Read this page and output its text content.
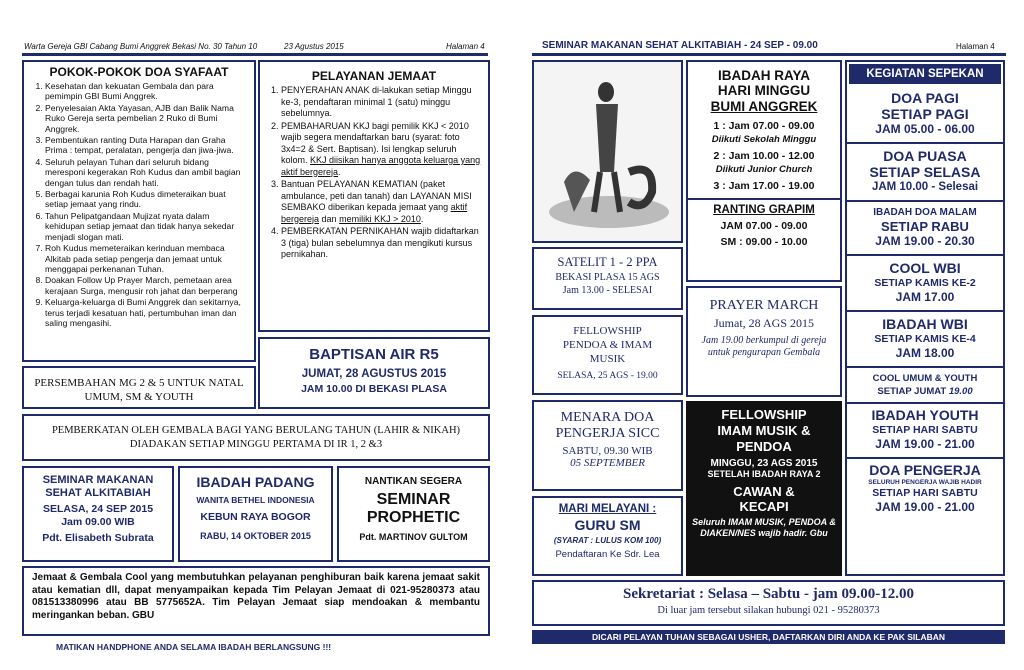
Warta Gereja GBI Cabang Bumi Anggrek Bekasi No. 30 Tahun 10	23 Agustus 2015	Halaman 4
POKOK-POKOK DOA SYAFAAT
1. Kesehatan dan kekuatan Gembala dan para pemimpin GBI Bumi Anggrek.
2. Penyelesaian Akta Yayasan, AJB dan Balik Nama Ruko Gereja serta pembelian 2 Ruko di Bumi Anggrek.
3. Pembentukan ranting Duta Harapan dan Graha Prima : tempat, peralatan, pengerja dan jiwa-jiwa.
4. Seluruh pelayan Tuhan dari seluruh bidang meresponi kegerakan Roh Kudus dan ambil bagian dengan tulus dan rendah hati.
5. Berbagai karunia Roh Kudus dimeteraikan buat setiap jemaat yang rindu.
6. Tahun Pelipatgandaan Mujizat nyata dalam kehidupan setiap jemaat dan tidak hanya sekedar menjadi slogan mati.
7. Roh Kudus memeteraikan kerinduan membaca Alkitab pada setiap pengerja dan jemaat untuk menggapai perkenanan Tuhan.
8. Doakan Follow Up Prayer March, pemetaan area kerajaan Surga, mengusir roh jahat dan berperang
9. Keluarga-keluarga di Bumi Anggrek dan sekitarnya, terus terjadi kesatuan hati, pertumbuhan iman dan saling mengasihi.
PELAYANAN JEMAAT
1. PENYERAHAN ANAK di-lakukan setiap Minggu ke-3, pendaftaran minimal 1 (satu) minggu sebelumnya.
2. PEMBAHARUAN KKJ bagi pemilik KKJ < 2010 wajib segera mendaftarkan baru (syarat: foto 3x4=2 & Sert. Baptisan). Isi lengkap seluruh kolom. KKJ diisikan hanya anggota keluarga yang aktif bergereja.
3. Bantuan PELAYANAN KEMATIAN (paket ambulance, peti dan tanah) dan LAYANAN MISI SEMBAKO diberikan kepada jemaat yang aktif bergereja dan memiliki KKJ > 2010.
4. PEMBERKATAN PERNIKAHAN wajib didaftarkan 3 (tiga) bulan sebelumnya dan mengikuti kursus pernikahan.
PERSEMBAHAN MG 2 & 5 UNTUK NATAL UMUM, SM & YOUTH
BAPTISAN AIR R5
JUMAT, 28 AGUSTUS 2015
JAM 10.00 DI BEKASI PLASA
PEMBERKATAN OLEH GEMBALA BAGI YANG BERULANG TAHUN (LAHIR & NIKAH) DIADAKAN SETIAP MINGGU PERTAMA DI IR 1, 2 &3
SEMINAR MAKANAN
SEHAT ALKITABIAH
SELASA, 24 SEP 2015
Jam 09.00 WIB
Pdt. Elisabeth Subrata
IBADAH PADANG
WANITA BETHEL INDONESIA
KEBUN RAYA BOGOR
RABU, 14 OKTOBER 2015
NANTIKAN SEGERA
SEMINAR
PROPHETIC
Pdt. MARTINOV GULTOM
Jemaat & Gembala Cool yang membutuhkan pelayanan penghiburan baik karena jemaat sakit atau kematian dll, dapat menyampaikan kepada Tim Pelayan Jemaat di 021-95280373 atau 081513380996 atau BB 5775652A. Tim Pelayan Jemaat siap mendoakan & membantu meringankan beban. GBU
MATIKAN HANDPHONE ANDA SELAMA IBADAH BERLANGSUNG !!!
SEMINAR MAKANAN SEHAT ALKITABIAH - 24 SEP - 09.00	Halaman 4
IBADAH RAYA
HARI MINGGU
BUMI ANGGREK
1 : Jam 07.00 - 09.00
Diikuti Sekolah Minggu
2 : Jam 10.00 - 12.00
Diikuti Junior Church
3 : Jam 17.00 - 19.00
RANTING GRAPIM
JAM 07.00 - 09.00
SM : 09.00 - 10.00
SATELIT 1 - 2 PPA
BEKASI PLASA 15 AGS
Jam 13.00 - SELESAI
FELLOWSHIP
PENDOA & IMAM
MUSIK
SELASA, 25 AGS - 19.00
PRAYER MARCH
Jumat, 28 AGS 2015
Jam 19.00 berkumpul di gereja untuk pengurapan Gembala
MENARA DOA
PENGERJA SICC
SABTU, 09.30 WIB
05 SEPTEMBER
FELLOWSHIP
IMAM MUSIK &
PENDOA
MINGGU, 23 AGS 2015
SETELAH IBADAH RAYA 2
CAWAN &
KECAPI
Seluruh IMAM MUSIK, PENDOA & DIAKEN/NES wajib hadir. Gbu
MARI MELAYANI :
GURU SM
(SYARAT : LULUS KOM 100)
Pendaftaran Ke Sdr. Lea
KEGIATAN SEPEKAN
DOA PAGI
SETIAP PAGI
JAM 05.00 - 06.00
DOA PUASA
SETIAP SELASA
JAM 10.00 - Selesai
IBADAH DOA MALAM
SETIAP RABU
JAM 19.00 - 20.30
COOL WBI
SETIAP KAMIS KE-2
JAM 17.00
IBADAH WBI
SETIAP KAMIS KE-4
JAM 18.00
COOL UMUM & YOUTH
SETIAP JUMAT 19.00
IBADAH YOUTH
SETIAP HARI SABTU
JAM 19.00 - 21.00
DOA PENGERJA
SELURUH PENGERJA WAJIB HADIR
SETIAP HARI SABTU
JAM 19.00 - 21.00
Sekretariat : Selasa – Sabtu - jam 09.00-12.00
Di luar jam tersebut silakan hubungi 021 - 95280373
DICARI PELAYAN TUHAN SEBAGAI USHER, DAFTARKAN DIRI ANDA KE PAK SILABAN
